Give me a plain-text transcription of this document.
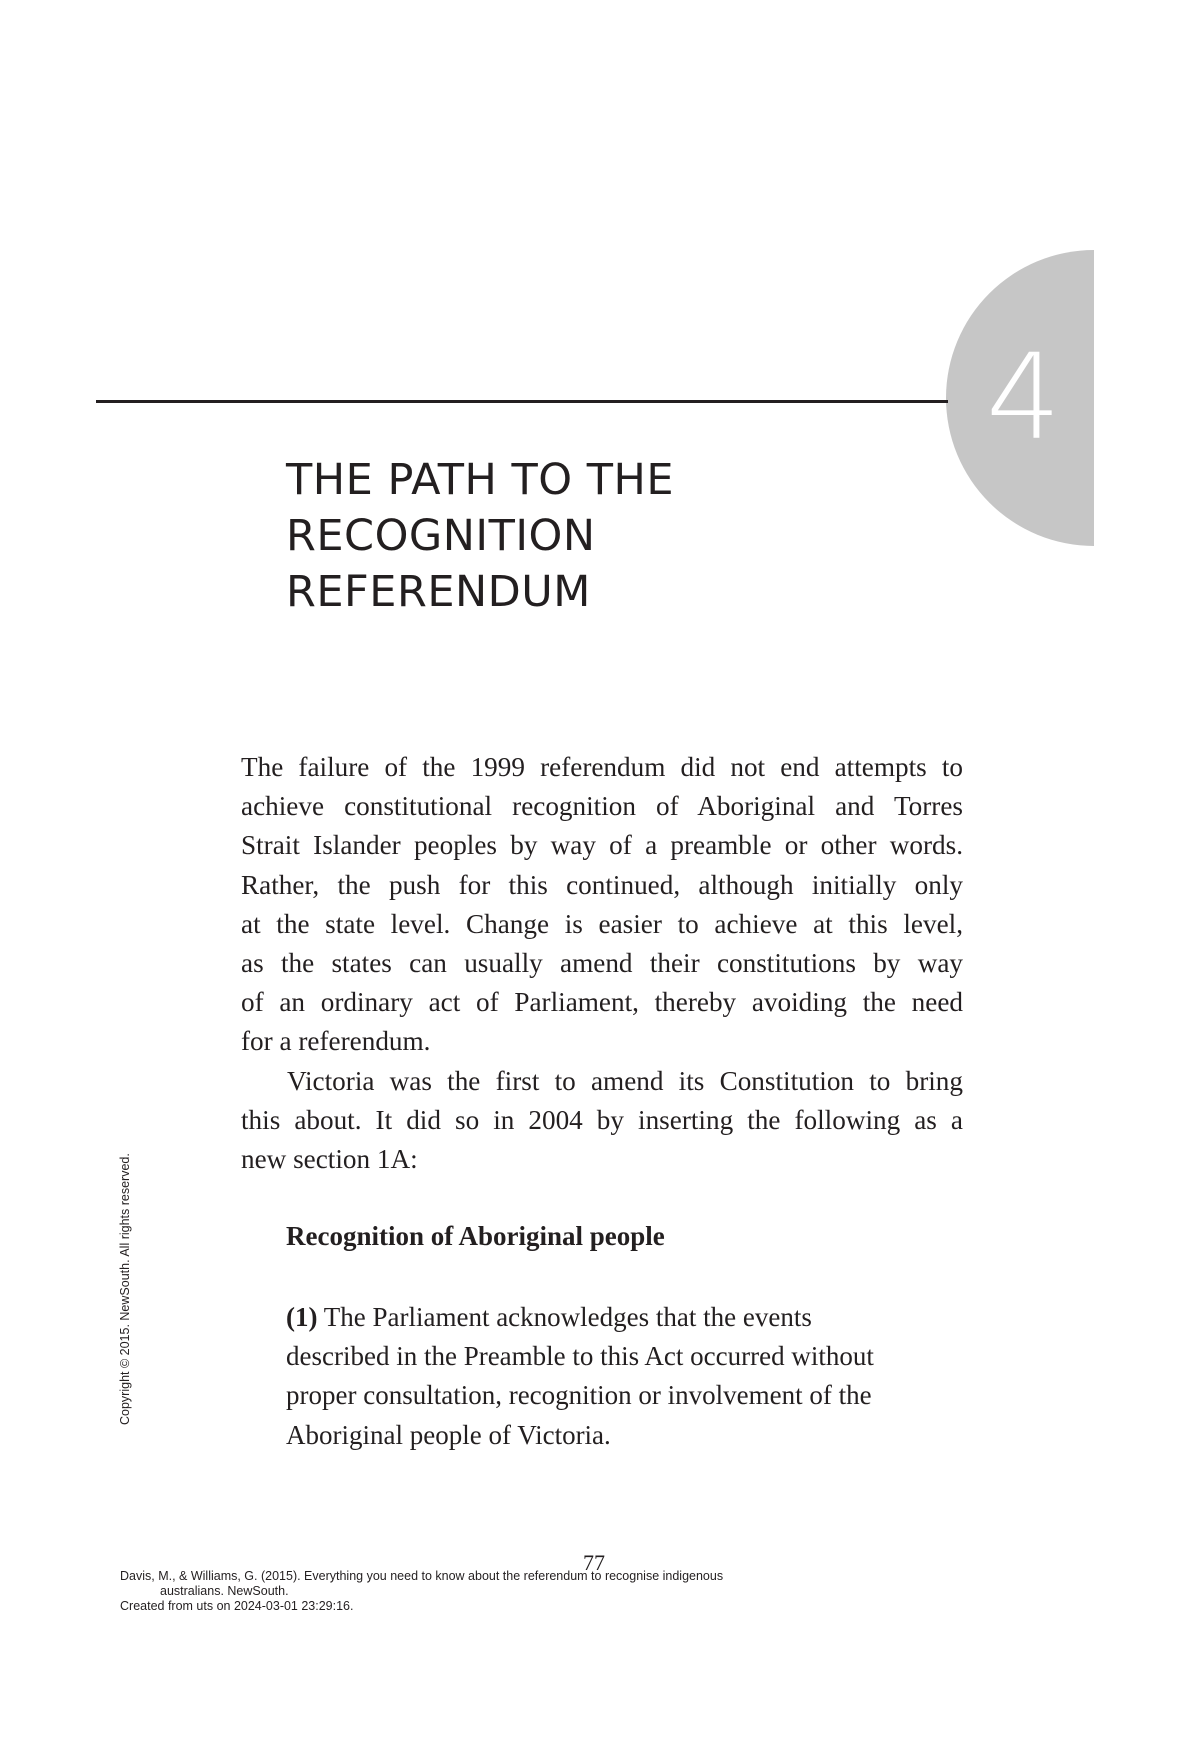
4
THE PATH TO THE
RECOGNITION
REFERENDUM

The failure of the 1999 referendum did not end attempts to
achieve constitutional recognition of Aboriginal and Torres
Strait Islander peoples by way of a preamble or other words.
Rather, the push for this continued, although initially only
at the state level. Change is easier to achieve at this level,
as the states can usually amend their constitutions by way
of an ordinary act of Parliament, thereby avoiding the need
for a referendum.

Victoria was the first to amend its Constitution to bring
this about. It did so in 2004 by inserting the following as a
new section 1A:

Recognition of Aboriginal people

(1) The Parliament acknowledges that the events
described in the Preamble to this Act occurred without
proper consultation, recognition or involvement of the
Aboriginal people of Victoria.

Copyright © 2015. NewSouth. All rights reserved.
77
Davis, M., & Williams, G. (2015). Everything you need to know about the referendum to recognise indigenous
australians. NewSouth.
Created from uts on 2024-03-01 23:29:16.
